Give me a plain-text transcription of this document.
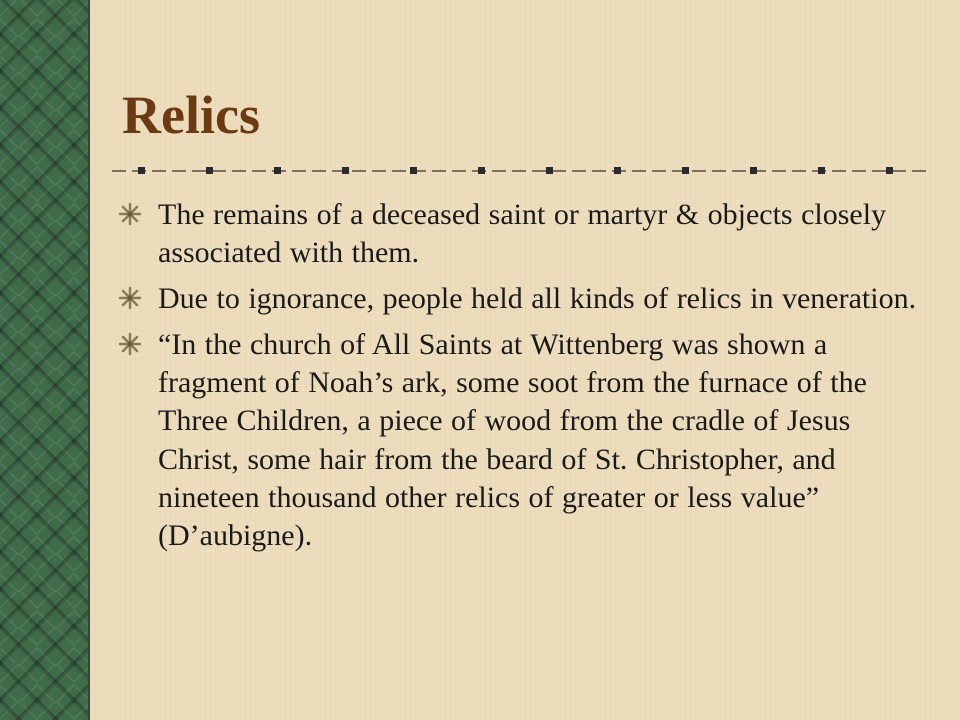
Relics
The remains of a deceased saint or martyr & objects closely associated with them.
Due to ignorance, people held all kinds of relics in veneration.
“In the church of All Saints at Wittenberg was shown a fragment of Noah’s ark, some soot from the furnace of the Three Children, a piece of wood from the cradle of Jesus Christ, some hair from the beard of St. Christopher, and nineteen thousand other relics of greater or less value” (D’aubigne).
